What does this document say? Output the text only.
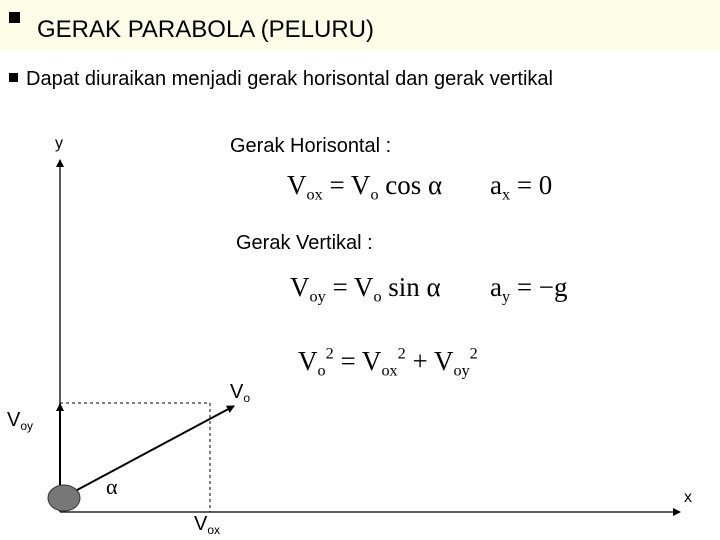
GERAK PARABOLA (PELURU)
Dapat diuraikan menjadi gerak horisontal dan gerak vertikal
y
x
$V_o$
$V_{oy}$
$V_{ox}$
α
Gerak Horisontal :
$V_{ox} = V_o$ cos α $a_x = 0$
Gerak Vertikal :
$V_{oy} = V_o$ sin α $a_y = -g$
$V_o^2 = V_{ox}^2 + V_{oy}^2$
